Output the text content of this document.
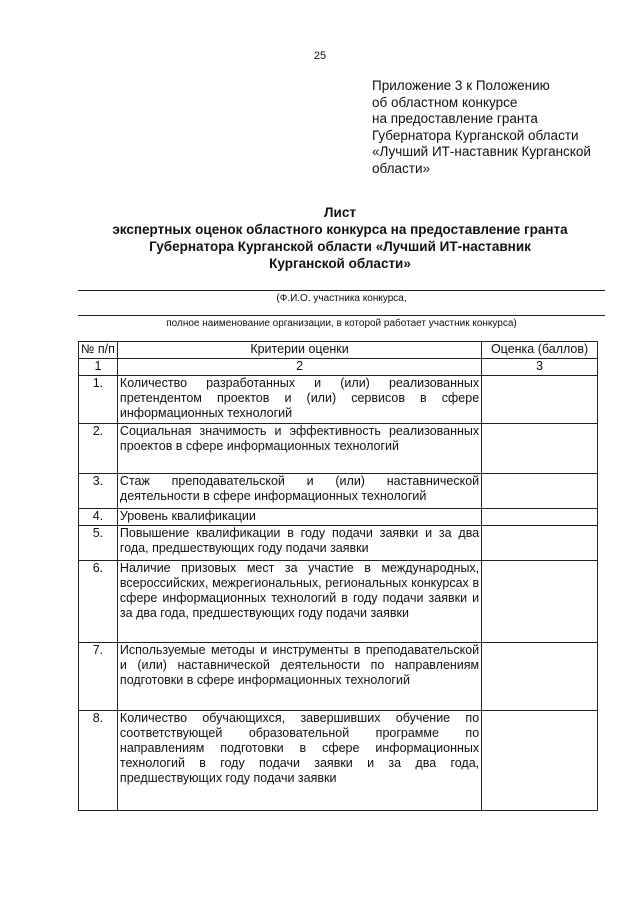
25
Приложение 3 к Положению
об областном конкурсе
на предоставление гранта
Губернатора Курганской области
«Лучший ИТ-наставник Курганской
области»
Лист
экспертных оценок областного конкурса на предоставление гранта
Губернатора Курганской области «Лучший ИТ-наставник
Курганской области»
(Ф.И.О. участника конкурса,
полное наименование организации, в которой работает участник конкурса)
№ п/п	Критерии оценки	Оценка (баллов)
1	2	3
1.	Количество разработанных и (или) реализованных претендентом проектов и (или) сервисов в сфере информационных технологий	
2.	Социальная значимость и эффективность реализованных проектов в сфере информационных технологий	
3.	Стаж преподавательской и (или) наставнической деятельности в сфере информационных технологий	
4.	Уровень квалификации	
5.	Повышение квалификации в году подачи заявки и за два года, предшествующих году подачи заявки	
6.	Наличие призовых мест за участие в международных, всероссийских, межрегиональных, региональных конкурсах в сфере информационных технологий в году подачи заявки и за два года, предшествующих году подачи заявки	
7.	Используемые методы и инструменты в преподавательской и (или) наставнической деятельности по направлениям подготовки в сфере информационных технологий	
8.	Количество обучающихся, завершивших обучение по соответствующей образовательной программе по направлениям подготовки в сфере информационных технологий в году подачи заявки и за два года, предшествующих году подачи заявки	
